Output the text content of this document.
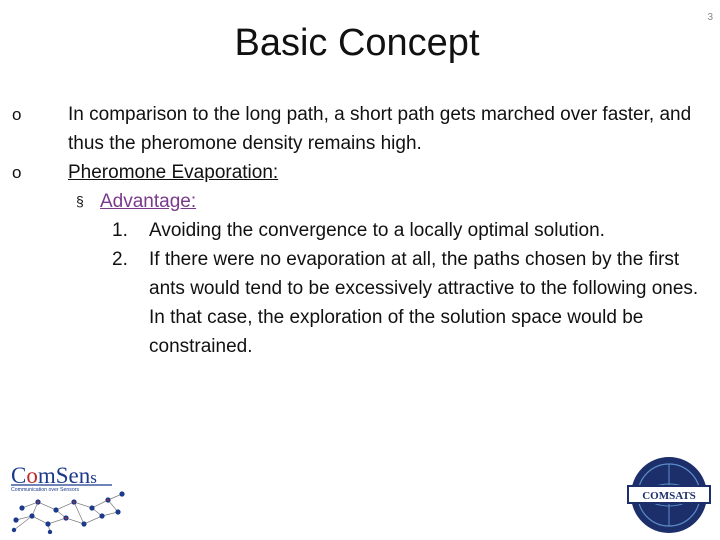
3
Basic Concept
o In comparison to the long path, a short path gets marched over faster, and thus the pheromone density remains high.
o Pheromone Evaporation:
§ Advantage:
1. Avoiding the convergence to a locally optimal solution.
2. If there were no evaporation at all, the paths chosen by the first ants would tend to be excessively attractive to the following ones. In that case, the exploration of the solution space would be constrained.
ComSens
Communication over Sensors	COMSATS
